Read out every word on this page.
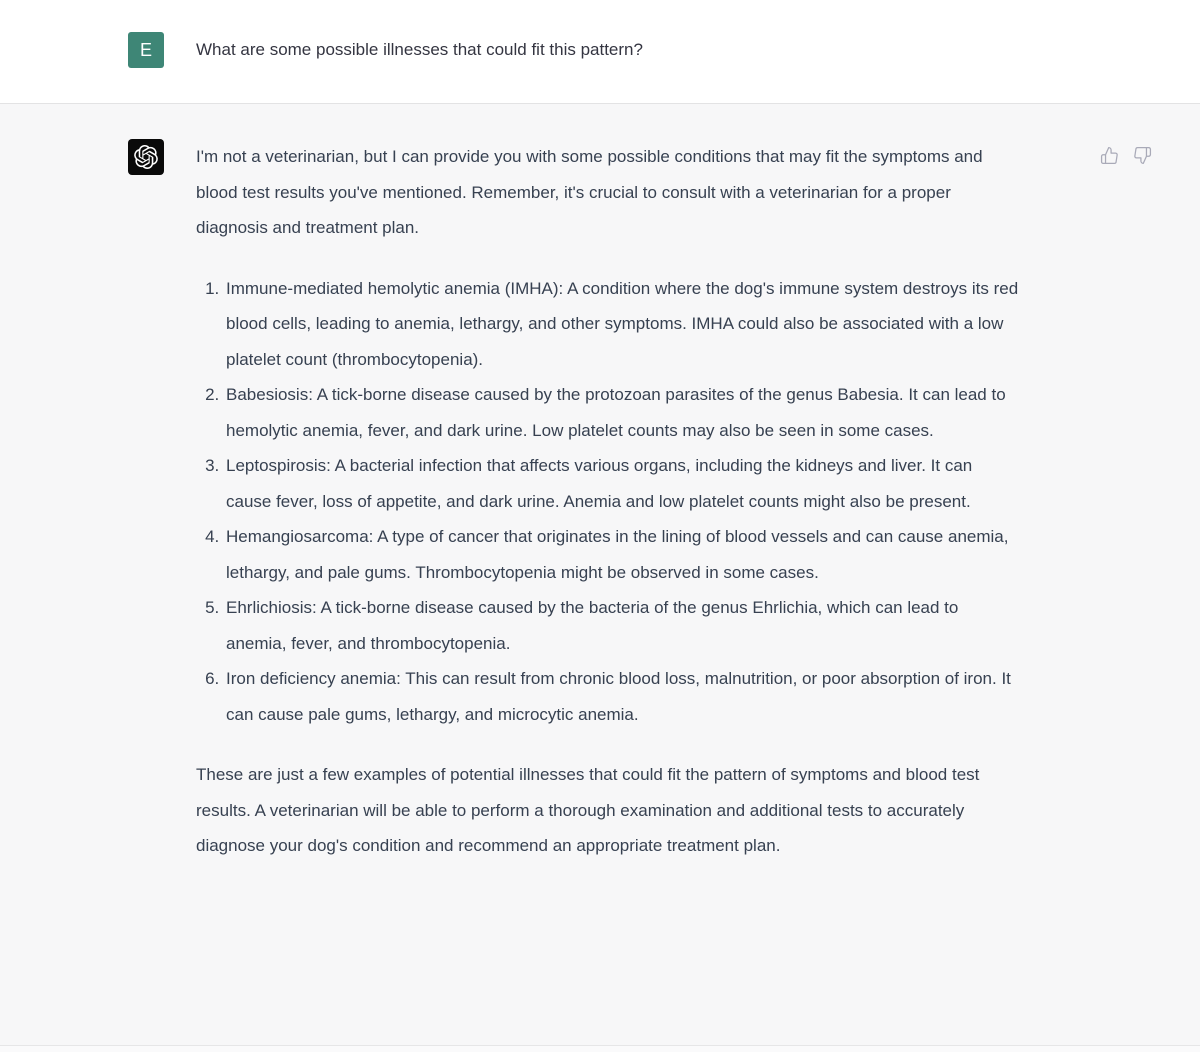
E	What are some possible illnesses that could fit this pattern?

I'm not a veterinarian, but I can provide you with some possible conditions that may fit the symptoms and blood test results you've mentioned. Remember, it's crucial to consult with a veterinarian for a proper diagnosis and treatment plan.

1. Immune-mediated hemolytic anemia (IMHA): A condition where the dog's immune system destroys its red blood cells, leading to anemia, lethargy, and other symptoms. IMHA could also be associated with a low platelet count (thrombocytopenia).
2. Babesiosis: A tick-borne disease caused by the protozoan parasites of the genus Babesia. It can lead to hemolytic anemia, fever, and dark urine. Low platelet counts may also be seen in some cases.
3. Leptospirosis: A bacterial infection that affects various organs, including the kidneys and liver. It can cause fever, loss of appetite, and dark urine. Anemia and low platelet counts might also be present.
4. Hemangiosarcoma: A type of cancer that originates in the lining of blood vessels and can cause anemia, lethargy, and pale gums. Thrombocytopenia might be observed in some cases.
5. Ehrlichiosis: A tick-borne disease caused by the bacteria of the genus Ehrlichia, which can lead to anemia, fever, and thrombocytopenia.
6. Iron deficiency anemia: This can result from chronic blood loss, malnutrition, or poor absorption of iron. It can cause pale gums, lethargy, and microcytic anemia.

These are just a few examples of potential illnesses that could fit the pattern of symptoms and blood test results. A veterinarian will be able to perform a thorough examination and additional tests to accurately diagnose your dog's condition and recommend an appropriate treatment plan.
